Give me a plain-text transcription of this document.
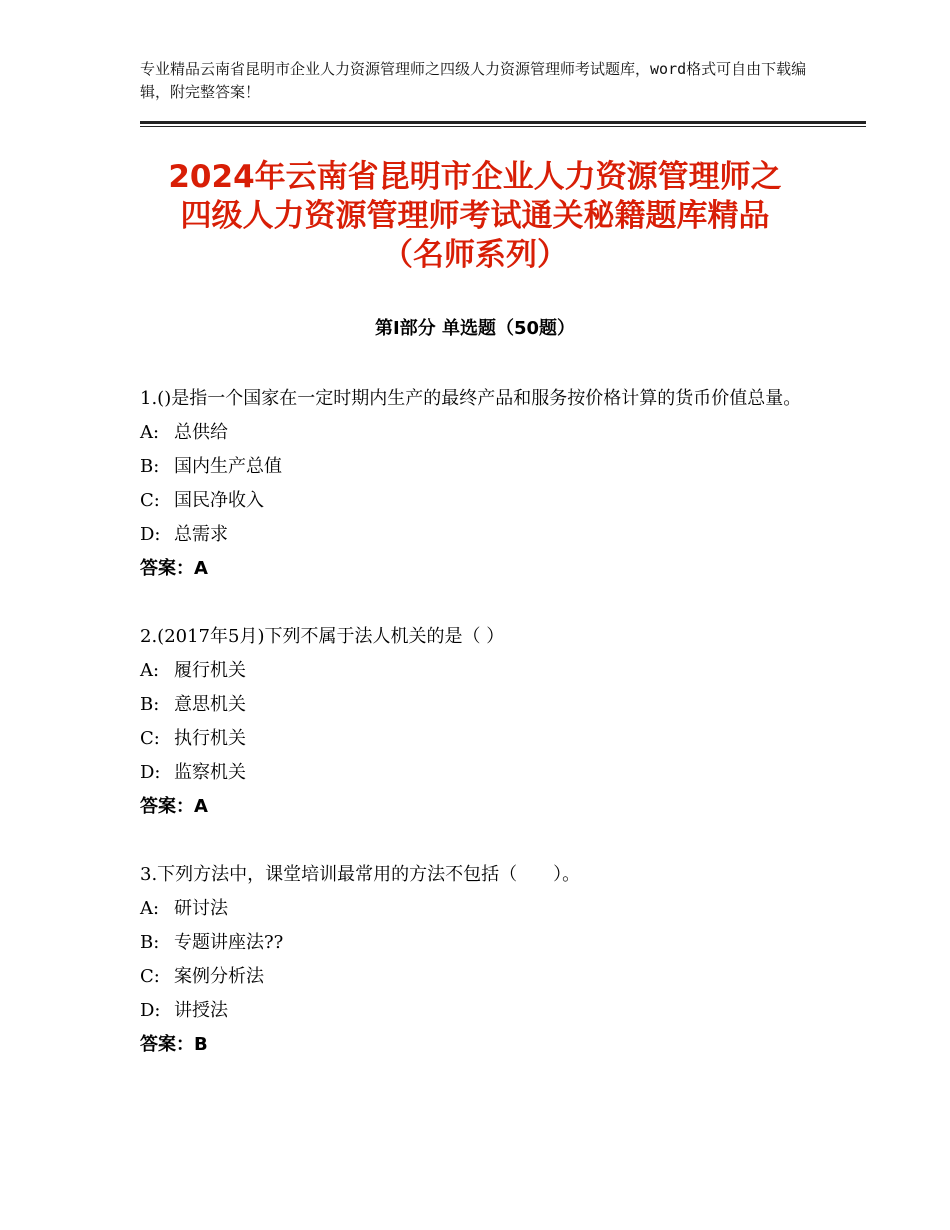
专业精品云南省昆明市企业人力资源管理师之四级人力资源管理师考试题库，word格式可自由下载编辑，附完整答案！
2024年云南省昆明市企业人力资源管理师之
四级人力资源管理师考试通关秘籍题库精品
（名师系列）
第Ⅰ部分 单选题（50题）
1.()是指一个国家在一定时期内生产的最终产品和服务按价格计算的货币价值总量。
A: 总供给
B: 国内生产总值
C: 国民净收入
D: 总需求
答案：A
2.(2017年5月)下列不属于法人机关的是（ ）
A: 履行机关
B: 意思机关
C: 执行机关
D: 监察机关
答案：A
3.下列方法中，课堂培训最常用的方法不包括（　　）。
A: 研讨法
B: 专题讲座法??
C: 案例分析法
D: 讲授法
答案：B
